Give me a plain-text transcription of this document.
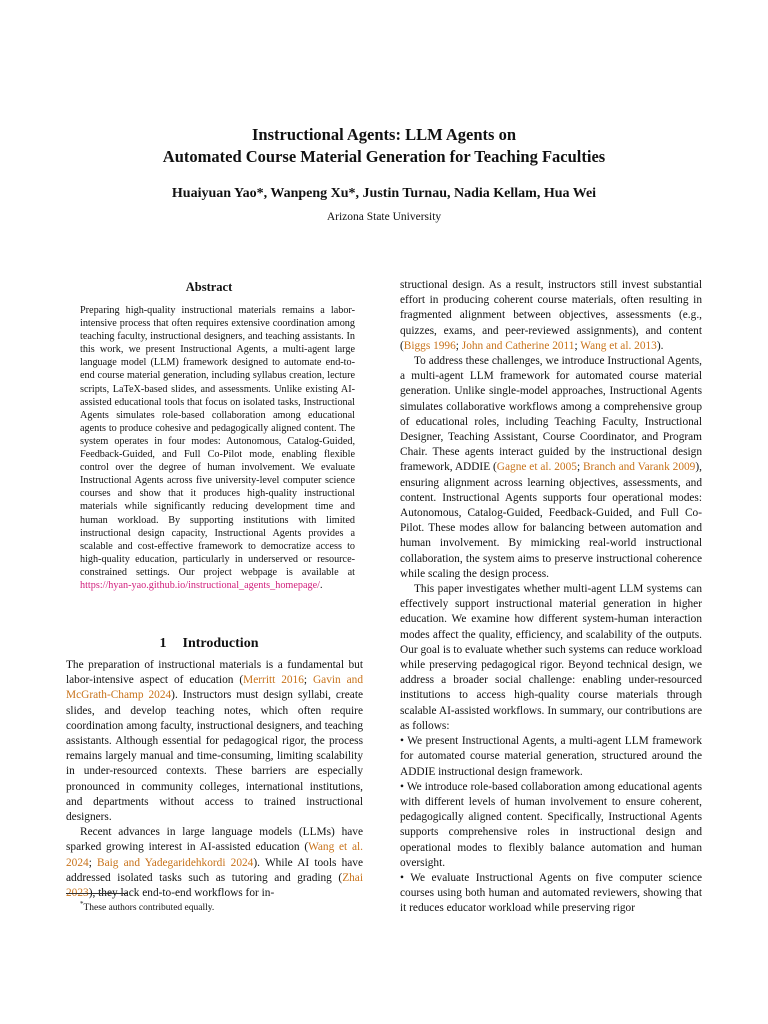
Instructional Agents: LLM Agents on
Automated Course Material Generation for Teaching Faculties
Huaiyuan Yao*, Wanpeng Xu*, Justin Turnau, Nadia Kellam, Hua Wei
Arizona State University
Abstract

Preparing high-quality instructional materials remains a labor-intensive process that often requires extensive coordination among teaching faculty, instructional designers, and teaching assistants. In this work, we present Instructional Agents, a multi-agent large language model (LLM) framework designed to automate end-to-end course material generation, including syllabus creation, lecture scripts, LaTeX-based slides, and assessments. Unlike existing AI-assisted educational tools that focus on isolated tasks, Instructional Agents simulates role-based collaboration among educational agents to produce cohesive and pedagogically aligned content. The system operates in four modes: Autonomous, Catalog-Guided, Feedback-Guided, and Full Co-Pilot mode, enabling flexible control over the degree of human involvement. We evaluate Instructional Agents across five university-level computer science courses and show that it produces high-quality instructional materials while significantly reducing development time and human workload. By supporting institutions with limited instructional design capacity, Instructional Agents provides a scalable and cost-effective framework to democratize access to high-quality education, particularly in underserved or resource-constrained settings. Our project webpage is available at https://hyan-yao.github.io/instructional_agents_homepage/.

1 Introduction

The preparation of instructional materials is a fundamental but labor-intensive aspect of education (Merritt 2016; Gavin and McGrath-Champ 2024). Instructors must design syllabi, create slides, and develop teaching notes, which often require coordination among faculty, instructional designers, and teaching assistants. Although essential for pedagogical rigor, the process remains largely manual and time-consuming, limiting scalability in under-resourced contexts. These barriers are especially pronounced in community colleges, international institutions, and departments without access to trained instructional designers.

Recent advances in large language models (LLMs) have sparked growing interest in AI-assisted education (Wang et al. 2024; Baig and Yadegaridehkordi 2024). While AI tools have addressed isolated tasks such as tutoring and grading (Zhai 2023), they lack end-to-end workflows for in-

*These authors contributed equally.

structional design. As a result, instructors still invest substantial effort in producing coherent course materials, often resulting in fragmented alignment between objectives, assessments (e.g., quizzes, exams, and peer-reviewed assignments), and content (Biggs 1996; John and Catherine 2011; Wang et al. 2013).

To address these challenges, we introduce Instructional Agents, a multi-agent LLM framework for automated course material generation. Unlike single-model approaches, Instructional Agents simulates collaborative workflows among a comprehensive group of educational roles, including Teaching Faculty, Instructional Designer, Teaching Assistant, Course Coordinator, and Program Chair. These agents interact guided by the instructional design framework, ADDIE (Gagne et al. 2005; Branch and Varank 2009), ensuring alignment across learning objectives, assessments, and content. Instructional Agents supports four operational modes: Autonomous, Catalog-Guided, Feedback-Guided, and Full Co-Pilot. These modes allow for balancing between automation and human involvement. By mimicking real-world instructional collaboration, the system aims to preserve instructional coherence while scaling the design process.

This paper investigates whether multi-agent LLM systems can effectively support instructional material generation in higher education. We examine how different system-human interaction modes affect the quality, efficiency, and scalability of the outputs. Our goal is to evaluate whether such systems can reduce workload while preserving pedagogical rigor. Beyond technical design, we address a broader social challenge: enabling under-resourced institutions to access high-quality course materials through scalable AI-assisted workflows. In summary, our contributions are as follows:

• We present Instructional Agents, a multi-agent LLM framework for automated course material generation, structured around the ADDIE instructional design framework.

• We introduce role-based collaboration among educational agents with different levels of human involvement to ensure coherent, pedagogically aligned content. Specifically, Instructional Agents supports comprehensive roles in instructional design and operational modes to flexibly balance automation and human oversight.

• We evaluate Instructional Agents on five computer science courses using both human and automated reviewers, showing that it reduces educator workload while preserving rigor
